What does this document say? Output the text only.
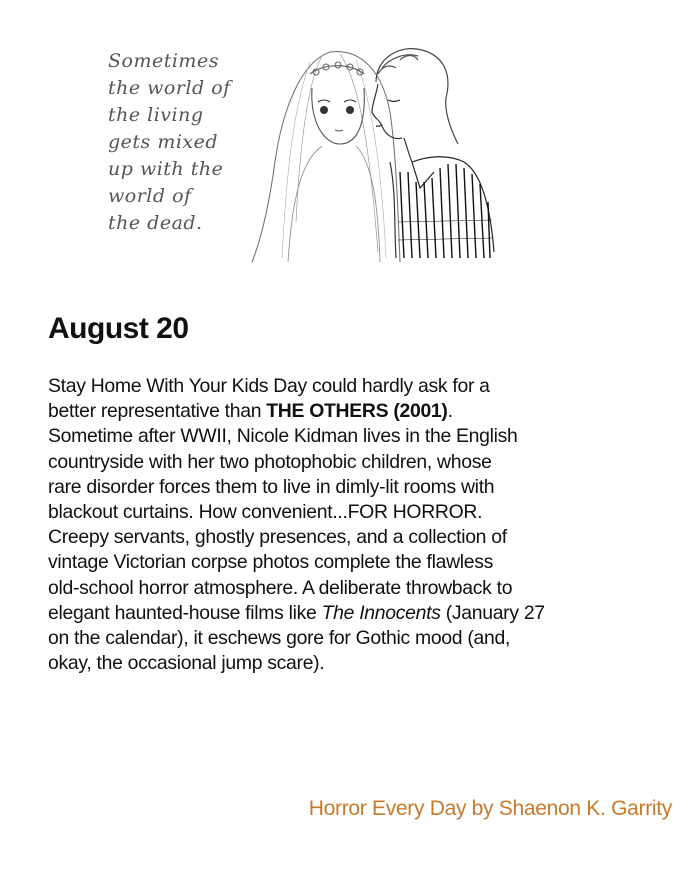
Sometimes
the world of
the living
gets mixed
up with the
world of
the dead.
August 20
Stay Home With Your Kids Day could hardly ask for a
better representative than THE OTHERS (2001).
Sometime after WWII, Nicole Kidman lives in the English
countryside with her two photophobic children, whose
rare disorder forces them to live in dimly-lit rooms with
blackout curtains. How convenient...FOR HORROR.
Creepy servants, ghostly presences, and a collection of
vintage Victorian corpse photos complete the flawless
old-school horror atmosphere. A deliberate throwback to
elegant haunted-house films like The Innocents (January 27
on the calendar), it eschews gore for Gothic mood (and,
okay, the occasional jump scare).
Horror Every Day by Shaenon K. Garrity
